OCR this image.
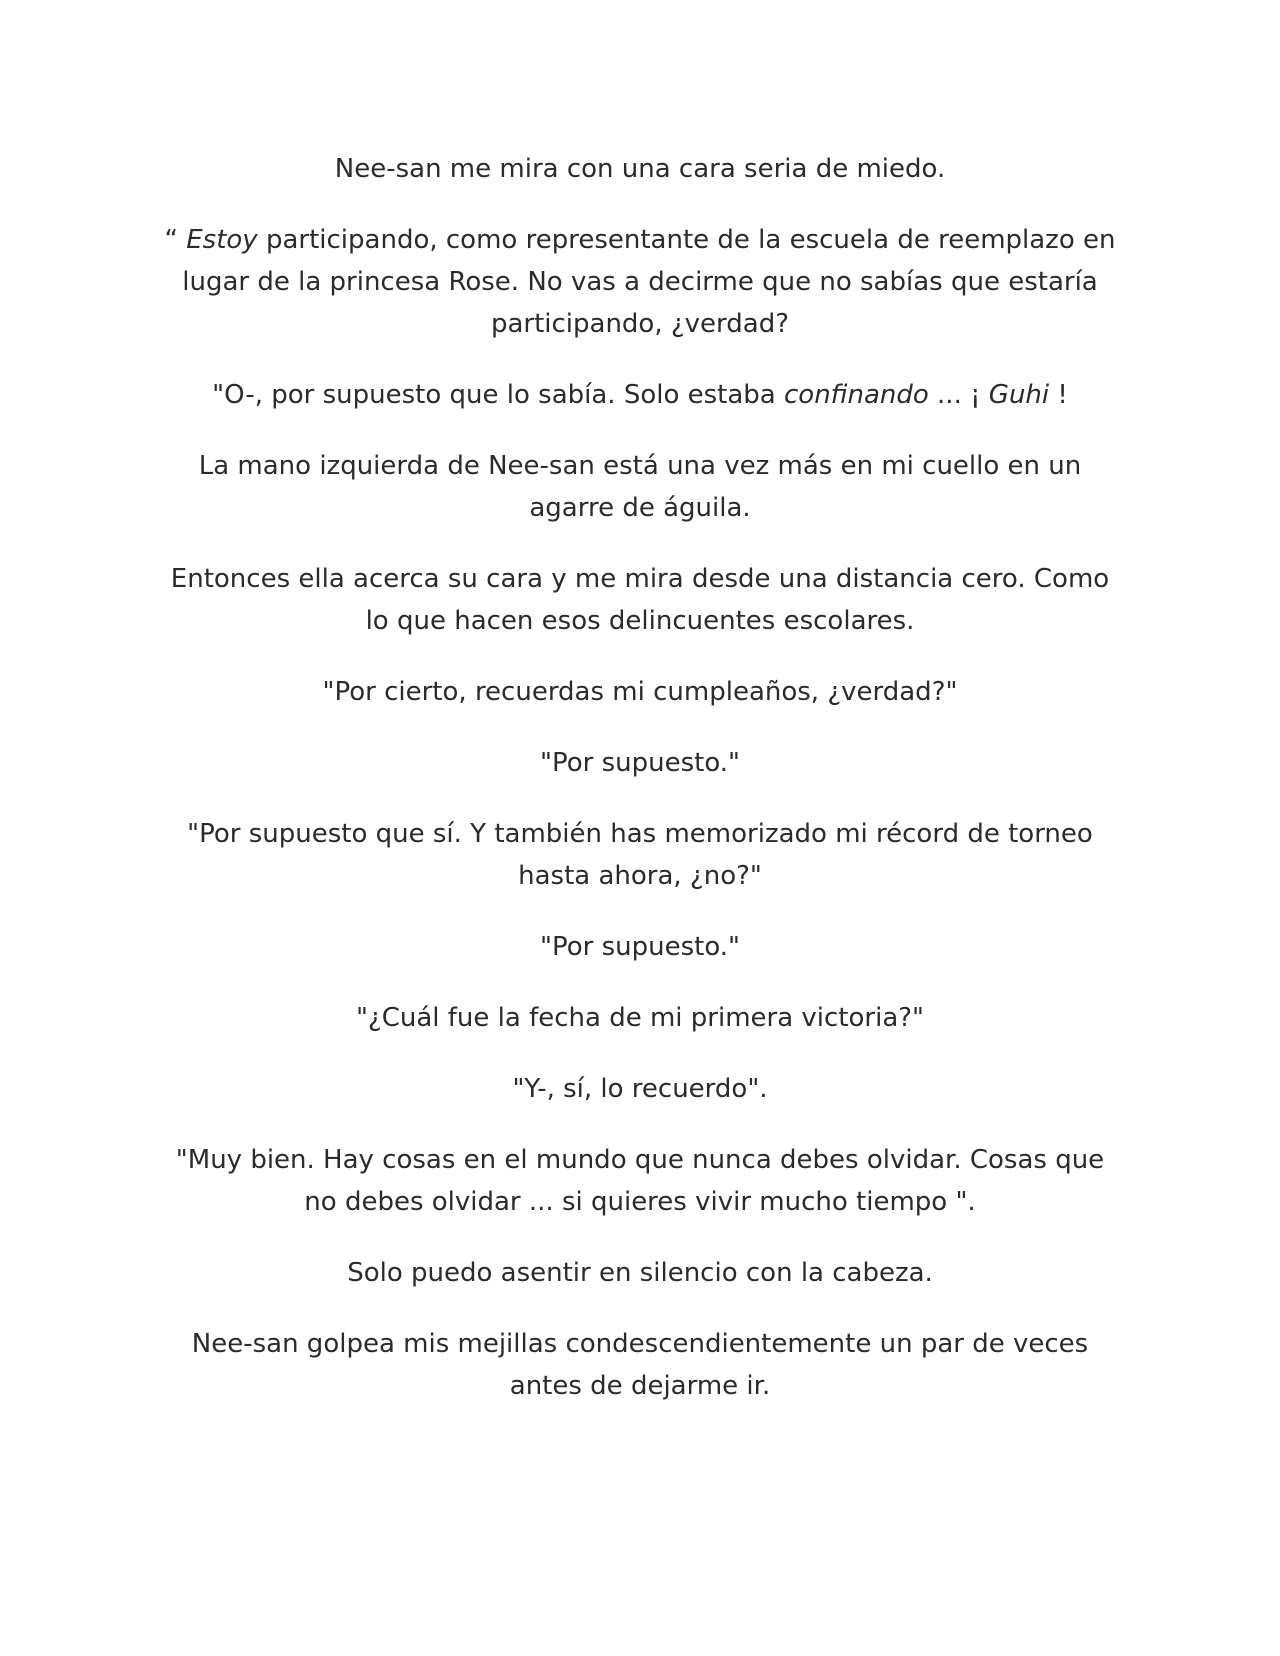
Nee-san me mira con una cara seria de miedo.

“ Estoy participando, como representante de la escuela de reemplazo en lugar de la princesa Rose. No vas a decirme que no sabías que estaría participando, ¿verdad?

"O-, por supuesto que lo sabía. Solo estaba confinando ... ¡ Guhi !

La mano izquierda de Nee-san está una vez más en mi cuello en un agarre de águila.

Entonces ella acerca su cara y me mira desde una distancia cero. Como lo que hacen esos delincuentes escolares.

"Por cierto, recuerdas mi cumpleaños, ¿verdad?"

"Por supuesto."

"Por supuesto que sí. Y también has memorizado mi récord de torneo hasta ahora, ¿no?"

"Por supuesto."

"¿Cuál fue la fecha de mi primera victoria?"

"Y-, sí, lo recuerdo".

"Muy bien. Hay cosas en el mundo que nunca debes olvidar. Cosas que no debes olvidar ... si quieres vivir mucho tiempo ".

Solo puedo asentir en silencio con la cabeza.

Nee-san golpea mis mejillas condescendientemente un par de veces antes de dejarme ir.
